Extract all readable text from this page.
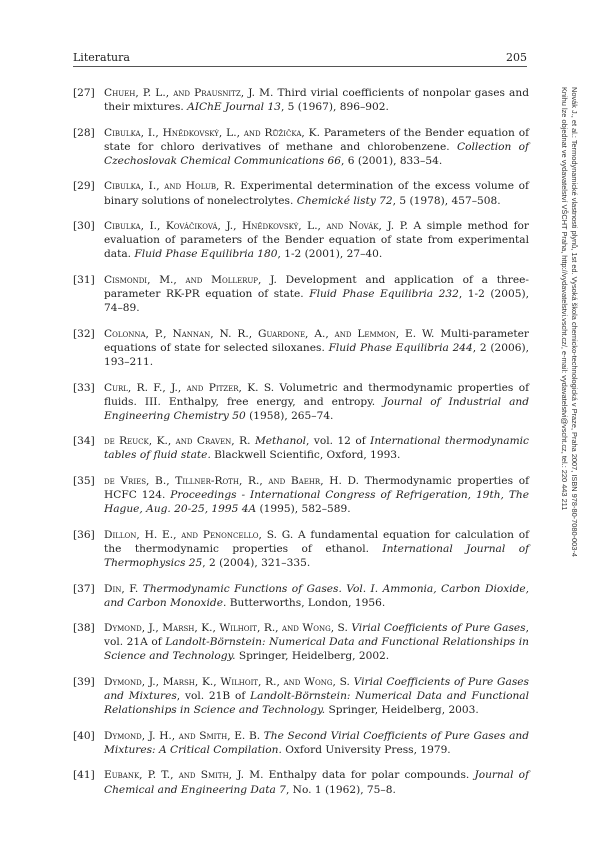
Literatura	205
[27] Chueh, P. L., and Prausnitz, J. M. Third virial coefficients of nonpolar gases and their mixtures. AIChE Journal 13, 5 (1967), 896–902.
[28] Cibulka, I., Hnědkovský, L., and Růžička, K. Parameters of the Bender equation of state for chloro derivatives of methane and chlorobenzene. Collection of Czechoslovak Chemical Communications 66, 6 (2001), 833–54.
[29] Cibulka, I., and Holub, R. Experimental determination of the excess volume of binary solutions of nonelectrolytes. Chemické listy 72, 5 (1978), 457–508.
[30] Cibulka, I., Kováčiková, J., Hnědkovský, L., and Novák, J. P. A simple method for evaluation of parameters of the Bender equation of state from experimental data. Fluid Phase Equilibria 180, 1-2 (2001), 27–40.
[31] Cismondi, M., and Mollerup, J. Development and application of a three-parameter RK-PR equation of state. Fluid Phase Equilibria 232, 1-2 (2005), 74–89.
[32] Colonna, P., Nannan, N. R., Guardone, A., and Lemmon, E. W. Multi-parameter equations of state for selected siloxanes. Fluid Phase Equilibria 244, 2 (2006), 193–211.
[33] Curl, R. F., J., and Pitzer, K. S. Volumetric and thermodynamic properties of fluids. III. Enthalpy, free energy, and entropy. Journal of Industrial and Engineering Chemistry 50 (1958), 265–74.
[34] de Reuck, K., and Craven, R. Methanol, vol. 12 of International thermodynamic tables of fluid state. Blackwell Scientific, Oxford, 1993.
[35] de Vries, B., Tillner-Roth, R., and Baehr, H. D. Thermodynamic properties of HCFC 124. Proceedings - International Congress of Refrigeration, 19th, The Hague, Aug. 20-25, 1995 4A (1995), 582–589.
[36] Dillon, H. E., and Penoncello, S. G. A fundamental equation for calculation of the thermodynamic properties of ethanol. International Journal of Thermophysics 25, 2 (2004), 321–335.
[37] Din, F. Thermodynamic Functions of Gases. Vol. I. Ammonia, Carbon Dioxide, and Carbon Monoxide. Butterworths, London, 1956.
[38] Dymond, J., Marsh, K., Wilhoit, R., and Wong, S. Virial Coefficients of Pure Gases, vol. 21A of Landolt-Börnstein: Numerical Data and Functional Relationships in Science and Technology. Springer, Heidelberg, 2002.
[39] Dymond, J., Marsh, K., Wilhoit, R., and Wong, S. Virial Coefficients of Pure Gases and Mixtures, vol. 21B of Landolt-Börnstein: Numerical Data and Functional Relationships in Science and Technology. Springer, Heidelberg, 2003.
[40] Dymond, J. H., and Smith, E. B. The Second Virial Coefficients of Pure Gases and Mixtures: A Critical Compilation. Oxford University Press, 1979.
[41] Eubank, P. T., and Smith, J. M. Enthalpy data for polar compounds. Journal of Chemical and Engineering Data 7, No. 1 (1962), 75–8.
Novák J., et al.: Termodynamické vlastnosti plynů, 1st ed. Vysoká škola chemicko-technologická v Praze, Praha 2007, ISBN 978-80-7080-003-4
Knihu lze objednat ve vydavatelství VŠCHT Praha, http://vydavatelstvi.vscht.cz/, e-mail: vydavatelstvi@vscht.cz, tel.: 220 443 211
